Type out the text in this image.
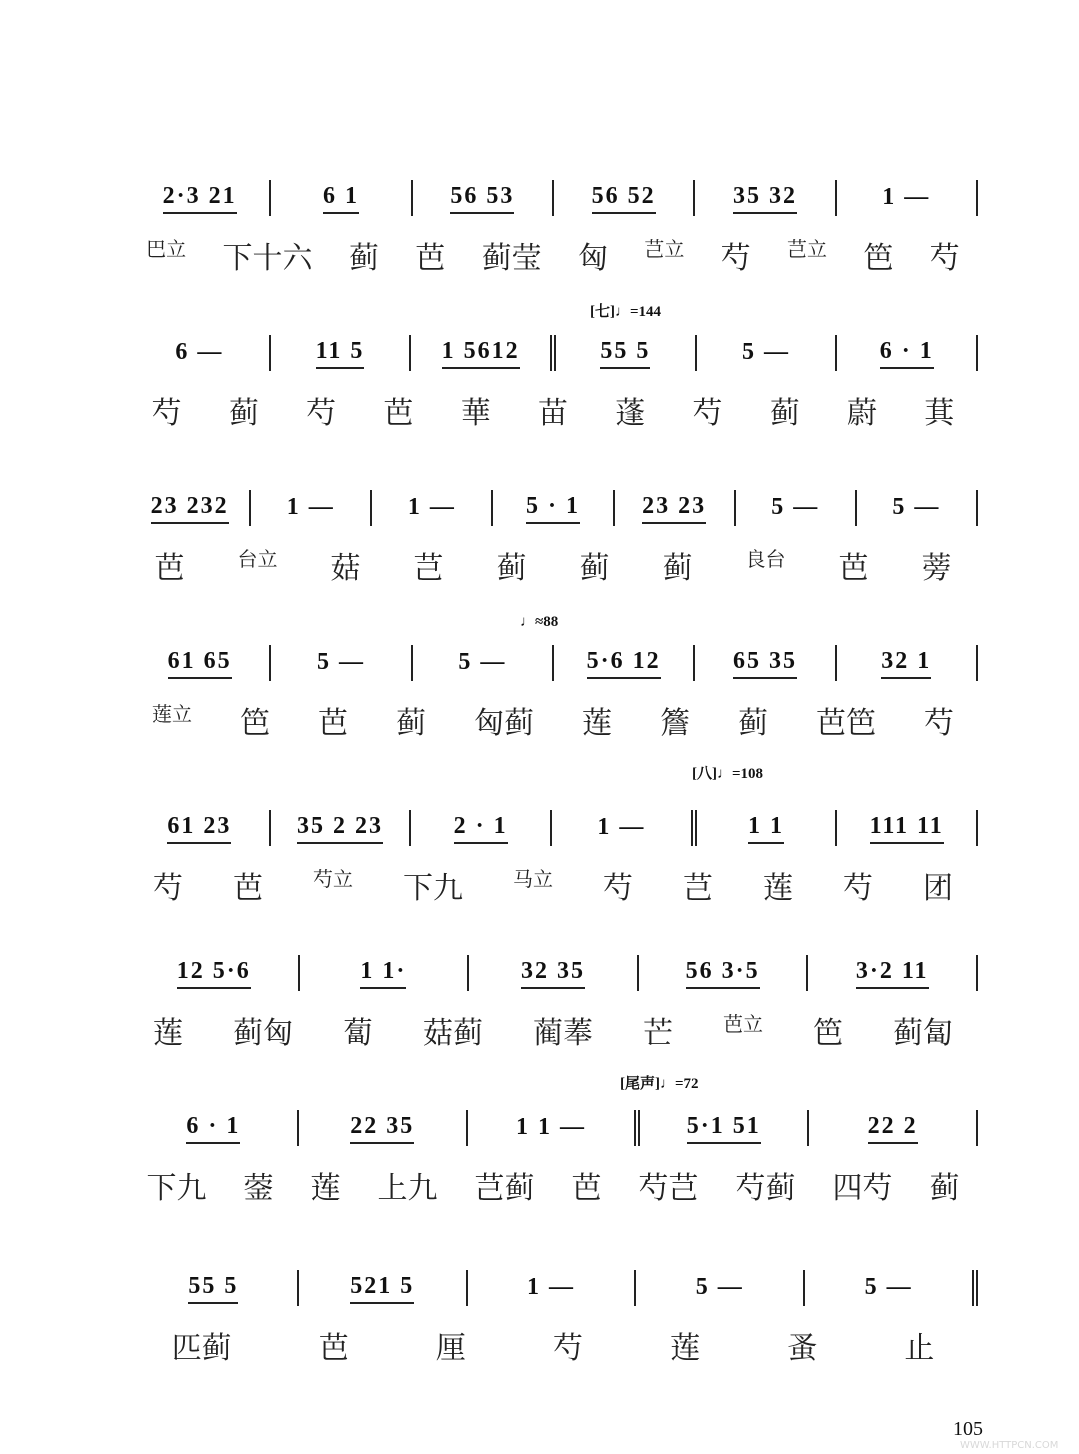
2·3 21	6 1	56 53	56 52	35 32	1 —
巴立 下十六 蓟 芭 蓟莹 匈 芑立 芍 芑立 笆 芍
6 —	11 5	1 5612	55 5	5 —	6 · 1
芍 蓟 芍 芭 華 苗 蓬 芍 蓟 蔚 萁
23 232 1 —	1 —	5 · 1	23 23	5 —	5 —
芭	台立 菇 芑 蓟 蓟 蓟	良台 芭 蒡
61 65	5 —	5 —	5·6 12	65 35	32 1
莲立 笆 芭 蓟 匈蓟 莲 簷 蓟 芭笆 芍
61 23	35 2 23	2 · 1	1 —	1 1	111 11
芍 芭	芍立 下九	马立 芍 芑 莲 芍 团
12 5·6	1 1·	32 35	56 3·5	3·2 11
莲 蓟匈 蔔 菇蓟 蔺菶 芒	芭立 笆 蓟匐
6 · 1	22 35	1 1 —	5·1 51	22 2
下九 蓥 莲 上九 芑蓟 芭 芍芑 芍蓟 四芍 蓟
55 5	521 5	1 —	5 —	5 —
匹蓟	芭	厘	芍	莲	蚤	止
[七]♩=144
♩≈88
[八]♩=108
[尾声]♩=72
105
WWW.HTTPCN.COM
